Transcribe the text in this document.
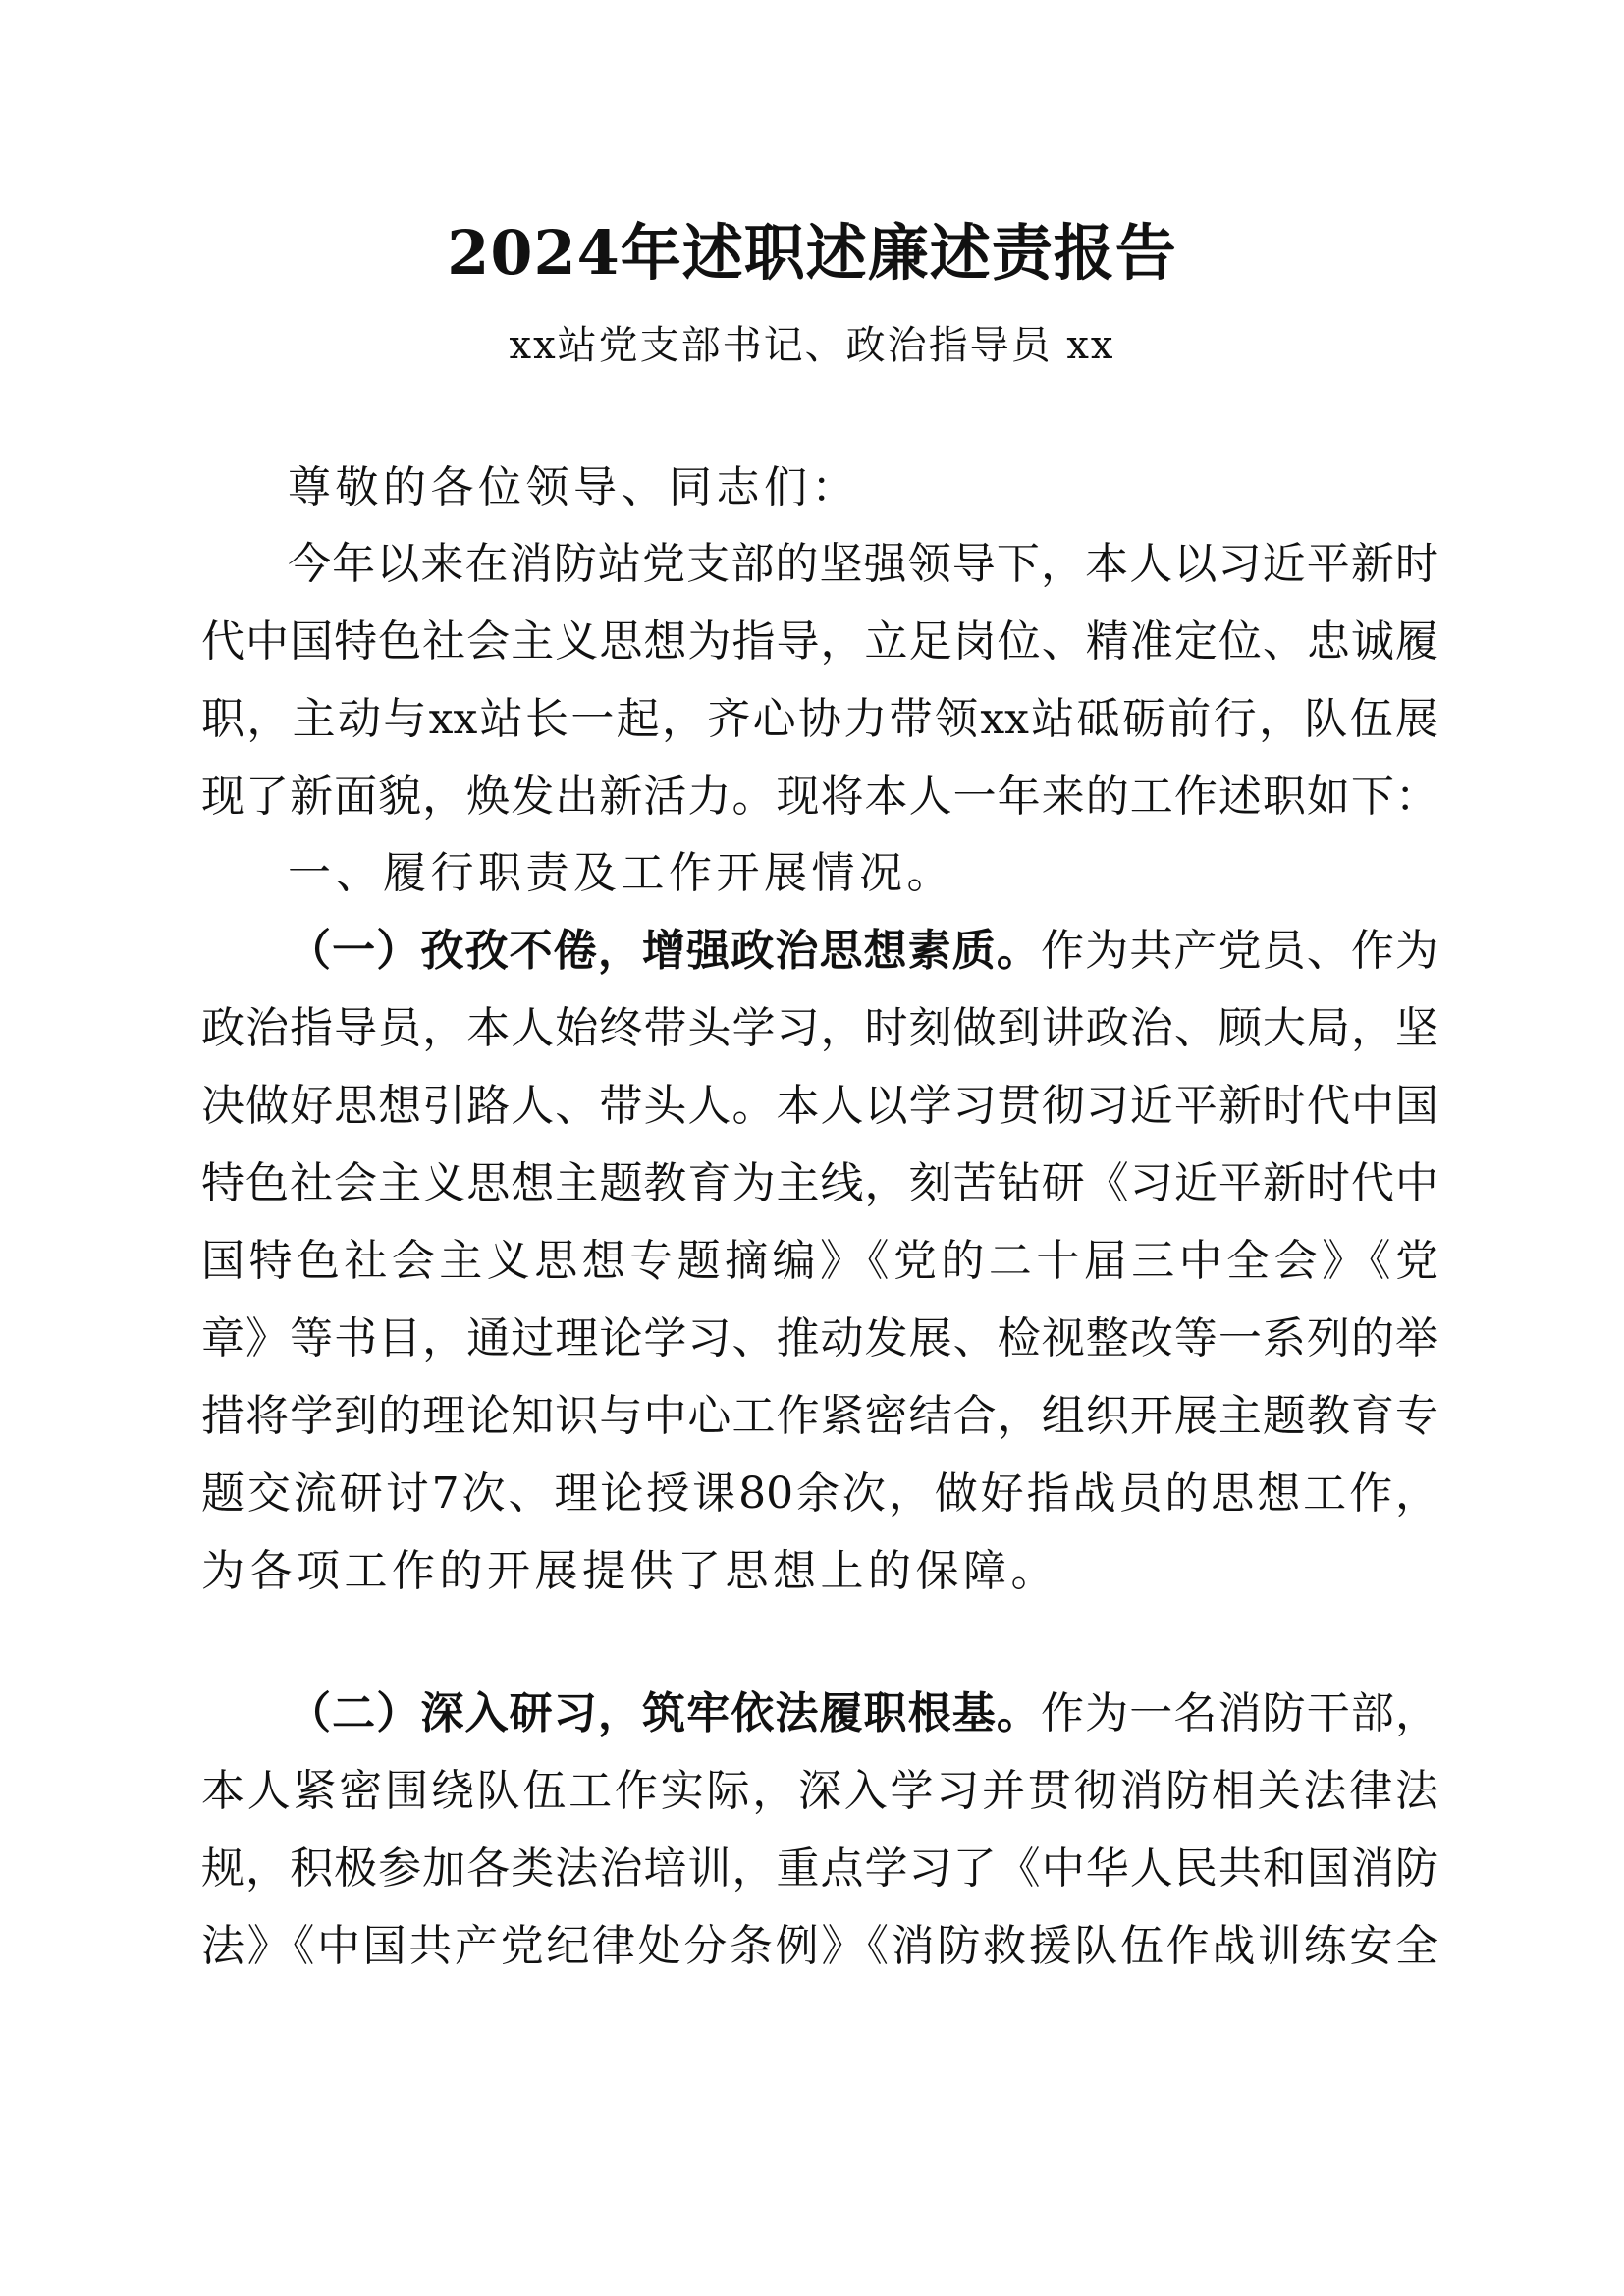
2024年述职述廉述责报告
xx站党支部书记、政治指导员 xx
尊敬的各位领导、同志们：
今年以来在消防站党支部的坚强领导下，本人以习近平新时
代中国特色社会主义思想为指导，立足岗位、精准定位、忠诚履
职，主动与xx站长一起，齐心协力带领xx站砥砺前行，队伍展
现了新面貌，焕发出新活力。现将本人一年来的工作述职如下：
一、履行职责及工作开展情况。
（一）孜孜不倦，增强政治思想素质。作为共产党员、作为
政治指导员，本人始终带头学习，时刻做到讲政治、顾大局，坚
决做好思想引路人、带头人。本人以学习贯彻习近平新时代中国
特色社会主义思想主题教育为主线，刻苦钻研《习近平新时代中
国特色社会主义思想专题摘编》《党的二十届三中全会》《党
章》等书目，通过理论学习、推动发展、检视整改等一系列的举
措将学到的理论知识与中心工作紧密结合，组织开展主题教育专
题交流研讨7次、理论授课80余次，做好指战员的思想工作，
为各项工作的开展提供了思想上的保障。
（二）深入研习，筑牢依法履职根基。作为一名消防干部，
本人紧密围绕队伍工作实际，深入学习并贯彻消防相关法律法
规，积极参加各类法治培训，重点学习了《中华人民共和国消防
法》《中国共产党纪律处分条例》《消防救援队伍作战训练安全
